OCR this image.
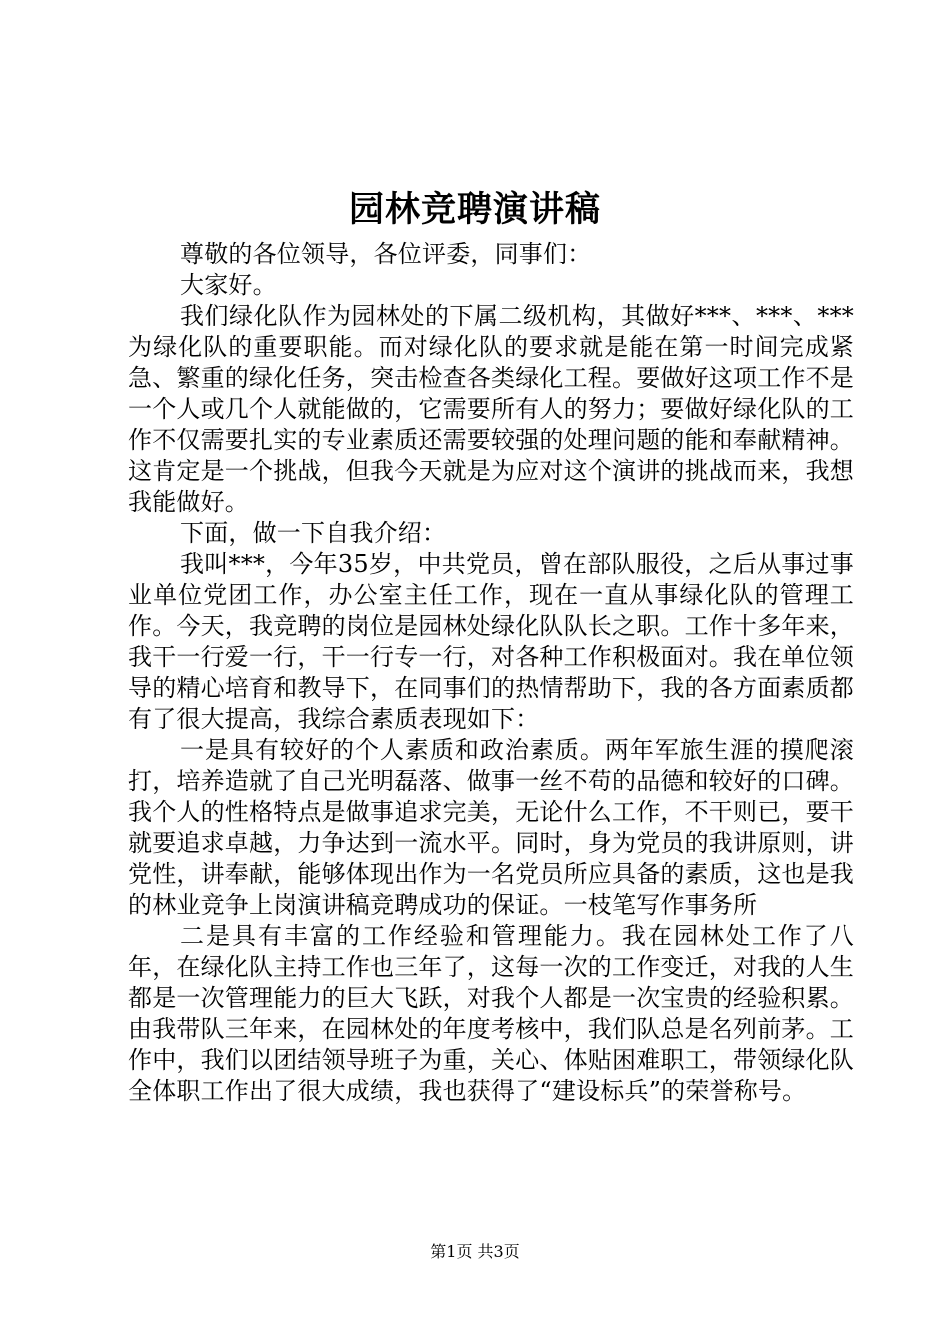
园林竞聘演讲稿

尊敬的各位领导，各位评委，同事们：

大家好。

我们绿化队作为园林处的下属二级机构，其做好***、***、***为绿化队的重要职能。而对绿化队的要求就是能在第一时间完成紧急、繁重的绿化任务，突击检查各类绿化工程。要做好这项工作不是一个人或几个人就能做的，它需要所有人的努力；要做好绿化队的工作不仅需要扎实的专业素质还需要较强的处理问题的能和奉献精神。这肯定是一个挑战，但我今天就是为应对这个演讲的挑战而来，我想我能做好。

下面，做一下自我介绍：

我叫***，今年35岁，中共党员，曾在部队服役，之后从事过事业单位党团工作，办公室主任工作，现在一直从事绿化队的管理工作。今天，我竞聘的岗位是园林处绿化队队长之职。工作十多年来，我干一行爱一行，干一行专一行，对各种工作积极面对。我在单位领导的精心培育和教导下，在同事们的热情帮助下，我的各方面素质都有了很大提高，我综合素质表现如下：

一是具有较好的个人素质和政治素质。两年军旅生涯的摸爬滚打，培养造就了自己光明磊落、做事一丝不苟的品德和较好的口碑。我个人的性格特点是做事追求完美，无论什么工作，不干则已，要干就要追求卓越，力争达到一流水平。同时，身为党员的我讲原则，讲党性，讲奉献，能够体现出作为一名党员所应具备的素质，这也是我的林业竞争上岗演讲稿竞聘成功的保证。一枝笔写作事务所

二是具有丰富的工作经验和管理能力。我在园林处工作了八年，在绿化队主持工作也三年了，这每一次的工作变迁，对我的人生都是一次管理能力的巨大飞跃，对我个人都是一次宝贵的经验积累。由我带队三年来，在园林处的年度考核中，我们队总是名列前茅。工作中，我们以团结领导班子为重，关心、体贴困难职工，带领绿化队全体职工作出了很大成绩，我也获得了“建设标兵”的荣誉称号。

第1页 共3页
